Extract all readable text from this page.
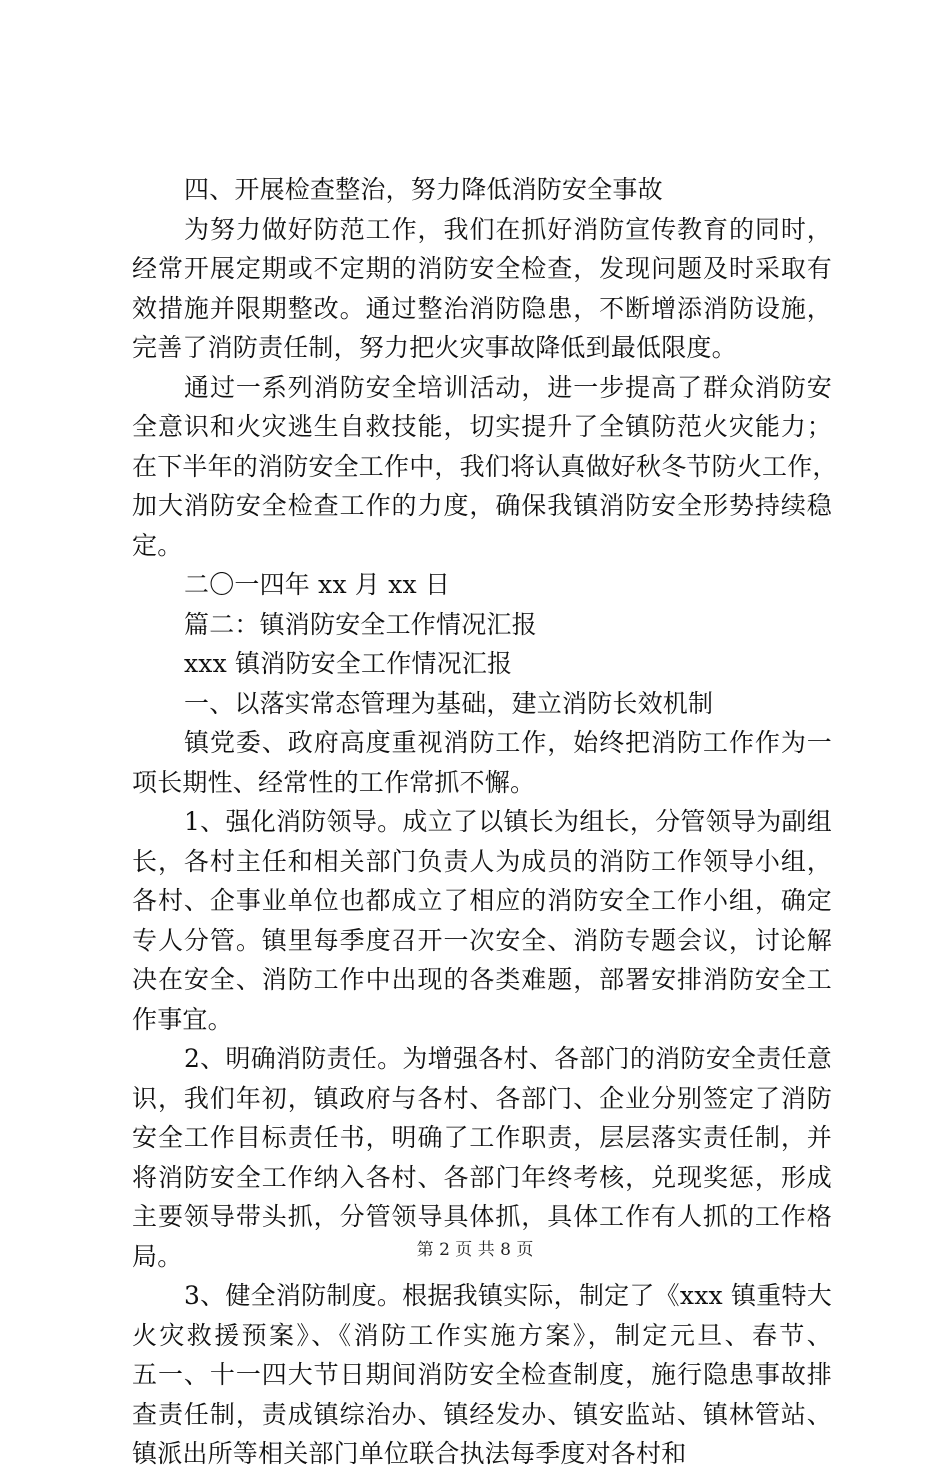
四、开展检查整治，努力降低消防安全事故
为努力做好防范工作，我们在抓好消防宣传教育的同时，
经常开展定期或不定期的消防安全检查，发现问题及时采取有
效措施并限期整改。通过整治消防隐患，不断增添消防设施，
完善了消防责任制，努力把火灾事故降低到最低限度。
通过一系列消防安全培训活动，进一步提高了群众消防安
全意识和火灾逃生自救技能，切实提升了全镇防范火灾能力；
在下半年的消防安全工作中，我们将认真做好秋冬节防火工作，
加大消防安全检查工作的力度，确保我镇消防安全形势持续稳
定。
二〇一四年 xx 月 xx 日
篇二：镇消防安全工作情况汇报
xxx 镇消防安全工作情况汇报
一、以落实常态管理为基础，建立消防长效机制
镇党委、政府高度重视消防工作，始终把消防工作作为一
项长期性、经常性的工作常抓不懈。
1、强化消防领导。成立了以镇长为组长，分管领导为副组
长，各村主任和相关部门负责人为成员的消防工作领导小组，
各村、企事业单位也都成立了相应的消防安全工作小组，确定
专人分管。镇里每季度召开一次安全、消防专题会议，讨论解
决在安全、消防工作中出现的各类难题，部署安排消防安全工
作事宜。
2、明确消防责任。为增强各村、各部门的消防安全责任意
识，我们年初，镇政府与各村、各部门、企业分别签定了消防
安全工作目标责任书，明确了工作职责，层层落实责任制，并
将消防安全工作纳入各村、各部门年终考核，兑现奖惩，形成
主要领导带头抓，分管领导具体抓，具体工作有人抓的工作格
局。
3、健全消防制度。根据我镇实际，制定了《xxx 镇重特大
火灾救援预案》、《消防工作实施方案》，制定元旦、春节、
五一、十一四大节日期间消防安全检查制度，施行隐患事故排
查责任制，责成镇综治办、镇经发办、镇安监站、镇林管站、
镇派出所等相关部门单位联合执法每季度对各村和
第 2 页 共 8 页
